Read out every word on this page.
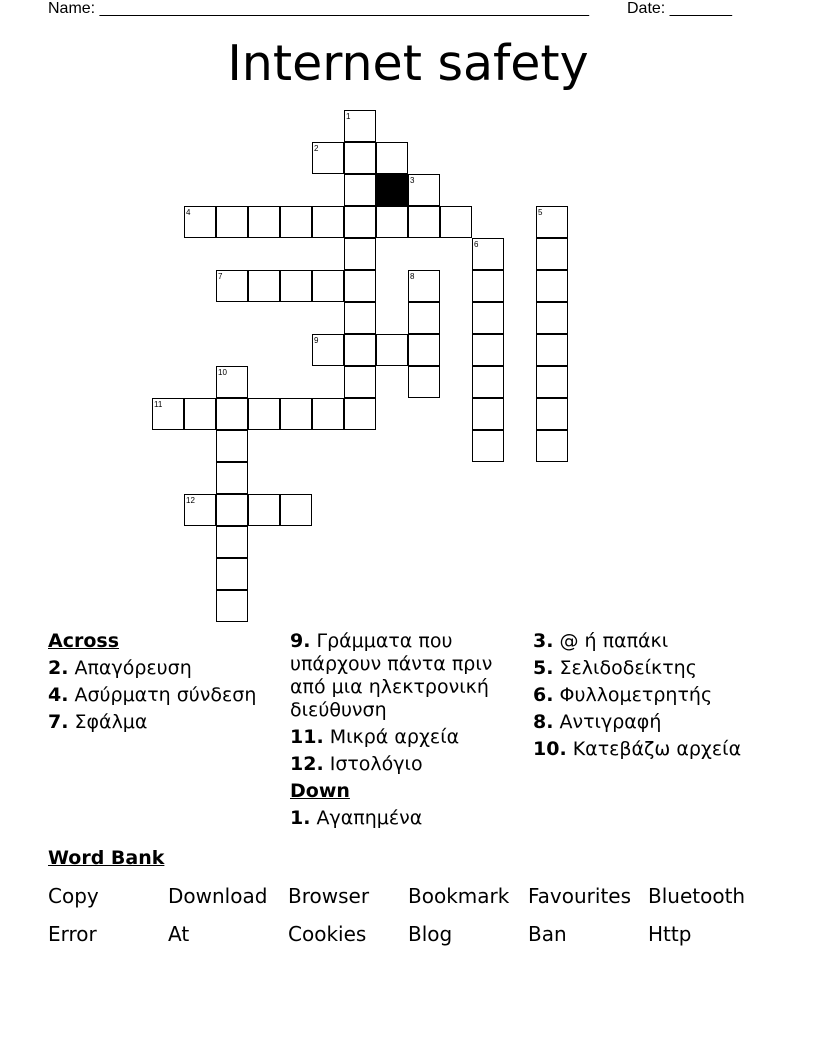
Name: _______________________________________________________ Date: _______
Internet safety
1
2
3
4	5
6
7	8
9
10
11
12
Across
2. Απαγόρευση
4. Ασύρματη σύνδεση
7. Σφάλμα
9. Γράμματα που υπάρχουν πάντα πριν από μια ηλεκτρονική διεύθυνση
11. Μικρά αρχεία
12. Ιστολόγιο
Down
1. Αγαπημένα
3. @ ή παπάκι
5. Σελιδοδείκτης
6. Φυλλομετρητής
8. Αντιγραφή
10. Κατεβάζω αρχεία
Word Bank
Copy	Download Browser Bookmark Favourites Bluetooth
Error	At	Cookies Blog	Ban	Http
